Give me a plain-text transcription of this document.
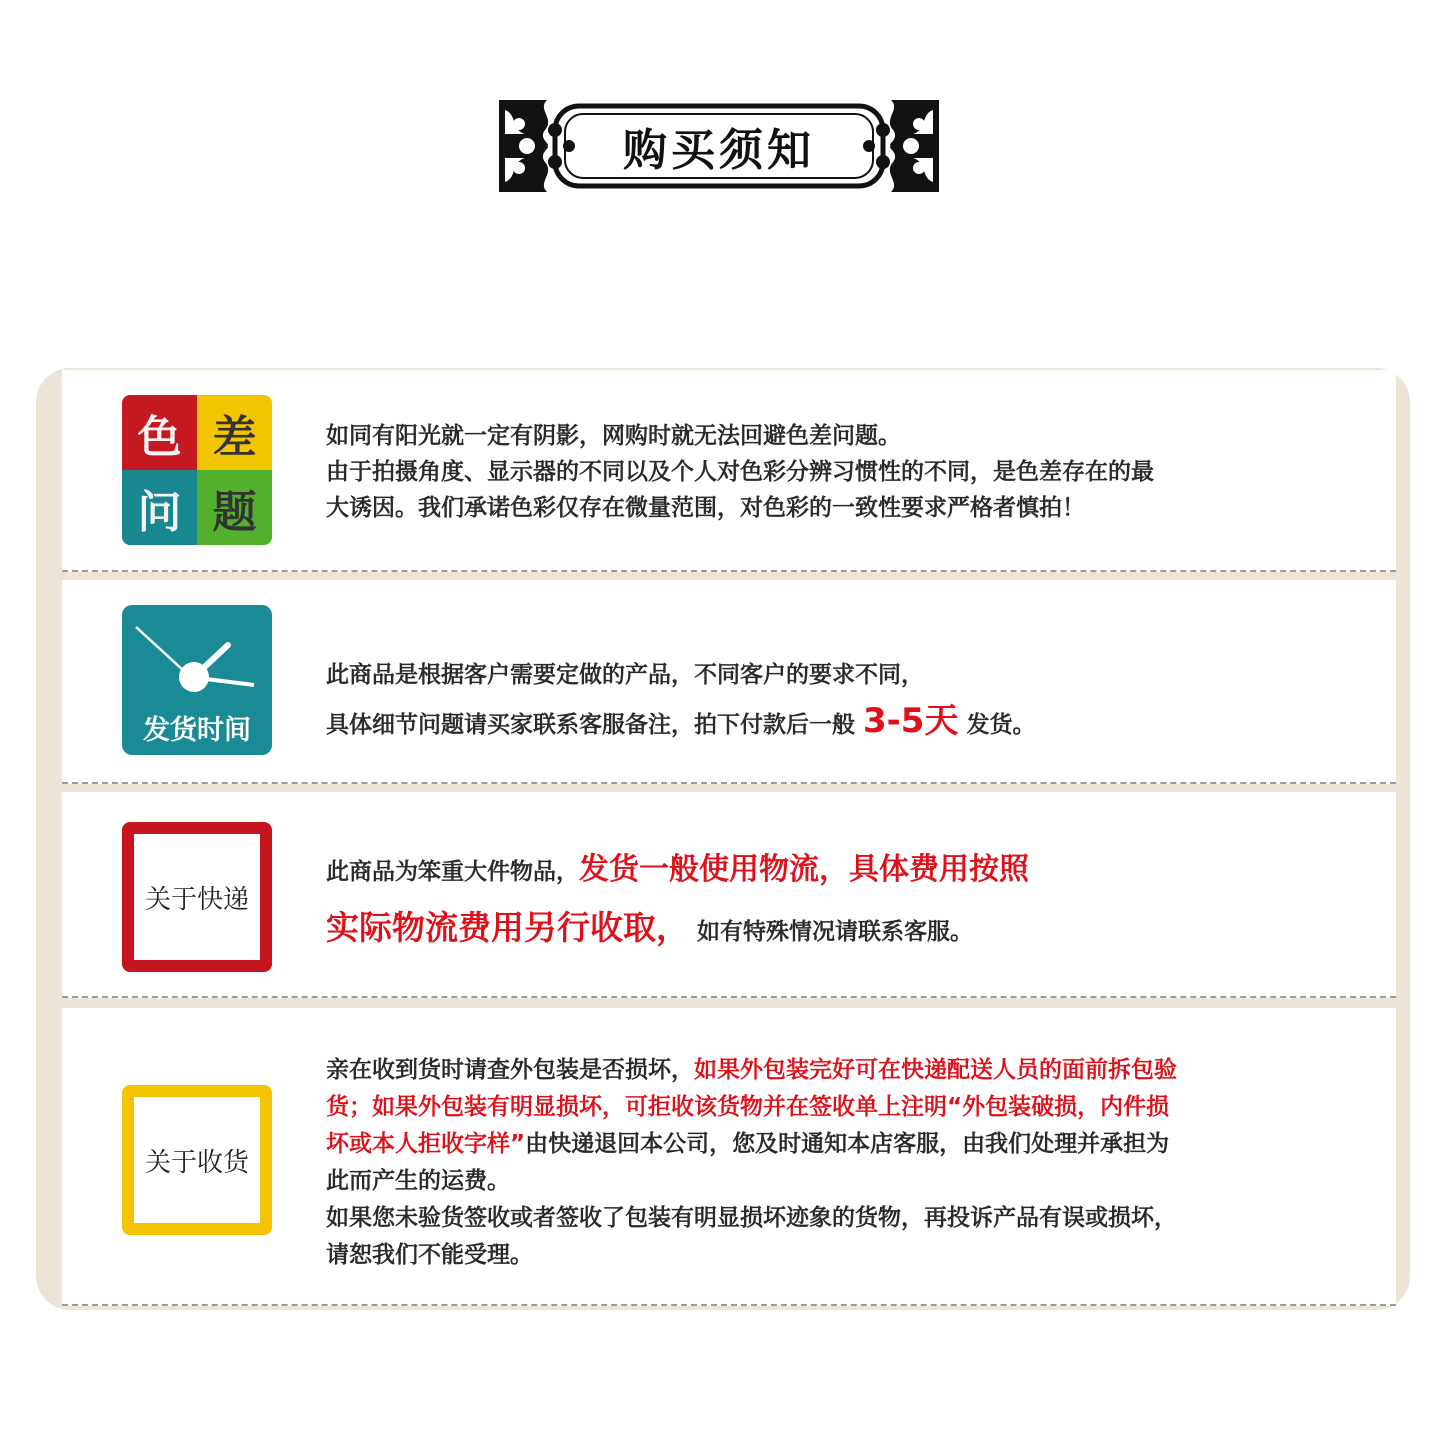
购买须知
色 差
问 题

如同有阳光就一定有阴影，网购时就无法回避色差问题。

由于拍摄角度、显示器的不同以及个人对色彩分辨习惯性的不同，是色差存在的最

大诱因。我们承诺色彩仅存在微量范围，对色彩的一致性要求严格者慎拍！

发货时间

此商品是根据客户需要定做的产品，不同客户的要求不同，

具体细节问题请买家联系客服备注，拍下付款后一般 3-5天 发货。

关于快递

此商品为笨重大件物品，发货一般使用物流，具体费用按照

实际物流费用另行收取， 如有特殊情况请联系客服。

关于收货

亲在收到货时请查外包装是否损坏，如果外包装完好可在快递配送人员的面前拆包验

货；如果外包装有明显损坏，可拒收该货物并在签收单上注明“外包装破损，内件损

坏或本人拒收字样”由快递退回本公司，您及时通知本店客服，由我们处理并承担为

此而产生的运费。

如果您未验货签收或者签收了包装有明显损坏迹象的货物，再投诉产品有误或损坏，

请恕我们不能受理。
